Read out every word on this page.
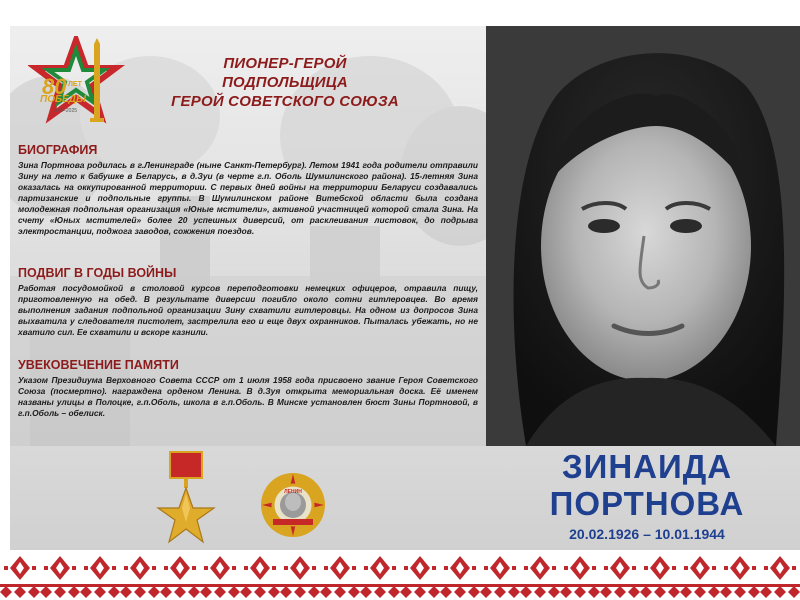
80 ЛЕТ
ПОБЕДЫ
1945–2025
ПИОНЕР-ГЕРОЙ
ПОДПОЛЬЩИЦА
ГЕРОЙ СОВЕТСКОГО СОЮЗА
БИОГРАФИЯ

Зина Портнова родилась в г.Ленинграде (ныне Санкт-Петербург). Летом 1941 года родители отправили Зину на лето к бабушке в Беларусь, в д.Зуи (в черте г.п. Оболь Шумилинского района). 15-летняя Зина оказалась на оккупированной территории. С первых дней войны на территории Беларуси создавались партизанские и подпольные группы. В Шумилинском районе Витебской области была создана молодежная подпольная организация «Юные мстители», активной участницей которой стала Зина. На счету «Юных мстителей» более 20 успешных диверсий, от расклеивания листовок, до подрыва электростанции, поджога заводов, сожжения поездов.

ПОДВИГ В ГОДЫ ВОЙНЫ

Работая посудомойкой в столовой курсов переподготовки немецких офицеров, отравила пищу, приготовленную на обед. В результате диверсии погибло около сотни гитлеровцев. Во время выполнения задания подпольной организации Зину схватили гитлеровцы. На одном из допросов Зина выхватила у следователя пистолет, застрелила его и еще двух охранников. Пыталась убежать, но не хватило сил. Ее схватили и вскоре казнили.

УВЕКОВЕЧЕНИЕ ПАМЯТИ

Указом Президиума Верховного Совета СССР от 1 июля 1958 года присвоено звание Героя Советского Союза (посмертно). награждена орденом Ленина. В д.Зуя открыта мемориальная доска. Её именем названы улицы в Полоцке, г.п.Оболь, школа в г.п.Оболь. В Минске установлен бюст Зины Портновой, в г.п.Оболь – обелиск.

ЛЕНИН
ЗИНАИДА
ПОРТНОВА
20.02.1926 – 10.01.1944
